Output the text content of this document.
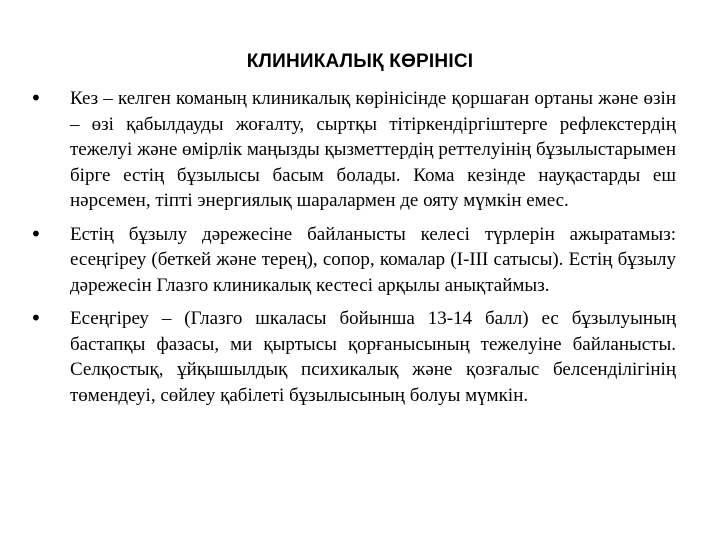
КЛИНИКАЛЫҚ КӨРІНІСІ
•	Кез – келген команың клиникалық көрінісінде қоршаған ортаны және өзін – өзі қабылдауды жоғалту, сыртқы тітіркендіргіштерге рефлекстердің тежелуі және өмірлік маңызды қызметтердің реттелуінің бұзылыстарымен бірге естің бұзылысы басым болады. Кома кезінде науқастарды еш нәрсемен, тіпті энергиялық шаралармен де ояту мүмкін емес.
•	Естің бұзылу дәрежесіне байланысты келесі түрлерін ажыратамыз: есеңгіреу (беткей және терең), сопор, комалар (I-III сатысы). Естің бұзылу дәрежесін Глазго клиникалық кестесі арқылы анықтаймыз.
•	Есеңгіреу – (Глазго шкаласы бойынша 13-14 балл) ес бұзылуының бастапқы фазасы, ми қыртысы қорғанысының тежелуіне байланысты. Селқостық, ұйқышылдық психикалық және қозғалыс белсенділігінің төмендеуі, сөйлеу қабілеті бұзылысының болуы мүмкін.
